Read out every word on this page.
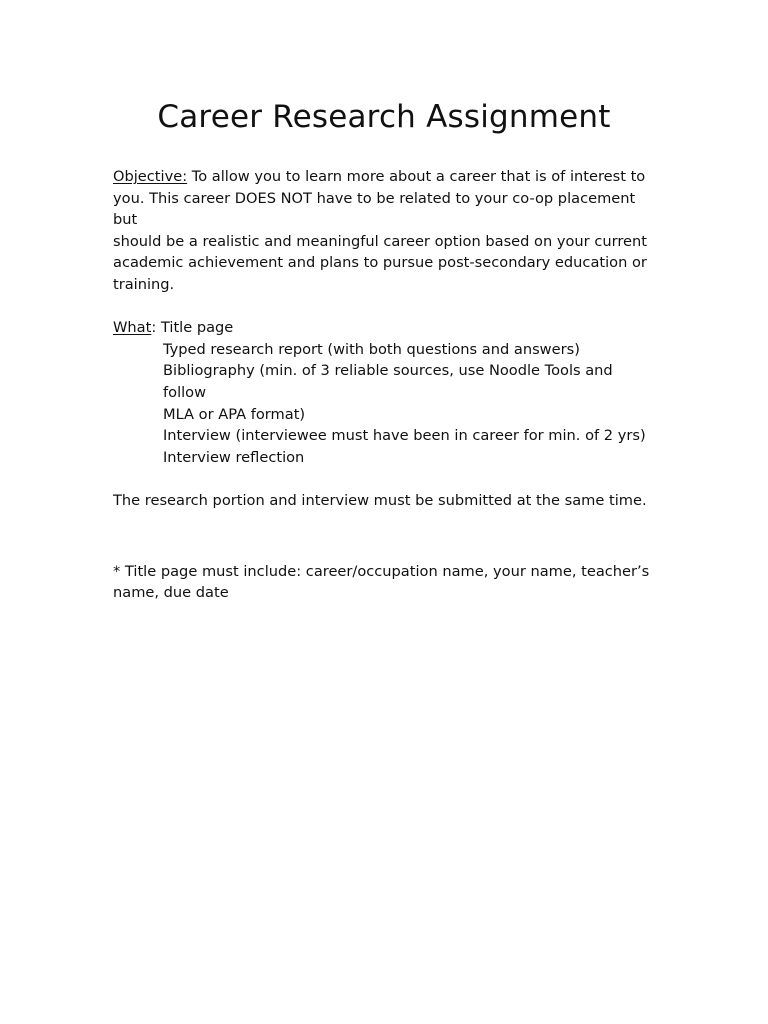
Career Research Assignment

Objective: To allow you to learn more about a career that is of interest to
you. This career DOES NOT have to be related to your co-op placement but
should be a realistic and meaningful career option based on your current
academic achievement and plans to pursue post-secondary education or
training.

What: Title page
Typed research report (with both questions and answers)
Bibliography (min. of 3 reliable sources, use Noodle Tools and follow
MLA or APA format)
Interview (interviewee must have been in career for min. of 2 yrs)
Interview reflection

The research portion and interview must be submitted at the same time.

* Title page must include: career/occupation name, your name, teacher’s
name, due date
